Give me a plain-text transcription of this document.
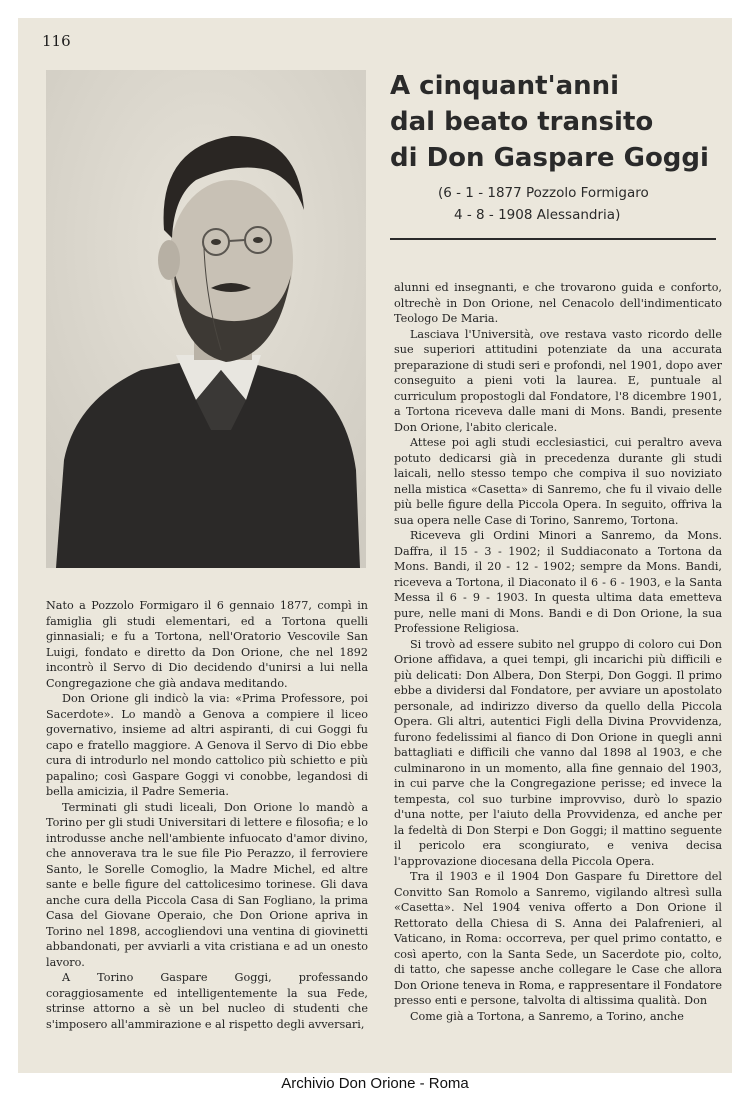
116
A cinquant'anni
dal beato transito
di Don Gaspare Goggi
(6 - 1 - 1877 Pozzolo Formigaro
4 - 8 - 1908 Alessandria)

Nato a Pozzolo Formigaro il 6 gennaio 1877, compì in famiglia gli studi elementari, ed a Tortona quelli ginnasiali; e fu a Tortona, nell'Oratorio Vescovile San Luigi, fondato e diretto da Don Orione, che nel 1892 incontrò il Servo di Dio decidendo d'unirsi a lui nella Congregazione che già andava meditando.

Don Orione gli indicò la via: «Prima Professore, poi Sacerdote». Lo mandò a Genova a compiere il liceo governativo, insieme ad altri aspiranti, di cui Goggi fu capo e fratello maggiore. A Genova il Servo di Dio ebbe cura di introdurlo nel mondo cattolico più schietto e più papalino; così Gaspare Goggi vi conobbe, legandosi di bella amicizia, il Padre Semeria.

Terminati gli studi liceali, Don Orione lo mandò a Torino per gli studi Universitari di lettere e filosofia; e lo introdusse anche nell'ambiente infuocato d'amor divino, che annoverava tra le sue file Pio Perazzo, il ferroviere Santo, le Sorelle Comoglio, la Madre Michel, ed altre sante e belle figure del cattolicesimo torinese. Gli dava anche cura della Piccola Casa di San Fogliano, la prima Casa del Giovane Operaio, che Don Orione apriva in Torino nel 1898, accogliendovi una ventina di giovinetti abbandonati, per avviarli a vita cristiana e ad un onesto lavoro.

A Torino Gaspare Goggi, professando coraggiosamente ed intelligentemente la sua Fede, strinse attorno a sè un bel nucleo di studenti che s'imposero all'ammirazione e al rispetto degli avversari,

alunni ed insegnanti, e che trovarono guida e conforto, oltrechè in Don Orione, nel Cenacolo dell'indimenticato Teologo De Maria.

Lasciava l'Università, ove restava vasto ricordo delle sue superiori attitudini potenziate da una accurata preparazione di studi seri e profondi, nel 1901, dopo aver conseguito a pieni voti la laurea. E, puntuale al curriculum propostogli dal Fondatore, l'8 dicembre 1901, a Tortona riceveva dalle mani di Mons. Bandi, presente Don Orione, l'abito clericale.

Attese poi agli studi ecclesiastici, cui peraltro aveva potuto dedicarsi già in precedenza durante gli studi laicali, nello stesso tempo che compiva il suo noviziato nella mistica «Casetta» di Sanremo, che fu il vivaio delle più belle figure della Piccola Opera. In seguito, offriva la sua opera nelle Case di Torino, Sanremo, Tortona.

Riceveva gli Ordini Minori a Sanremo, da Mons. Daffra, il 15 - 3 - 1902; il Suddiaconato a Tortona da Mons. Bandi, il 20 - 12 - 1902; sempre da Mons. Bandi, riceveva a Tortona, il Diaconato il 6 - 6 - 1903, e la Santa Messa il 6 - 9 - 1903. In questa ultima data emetteva pure, nelle mani di Mons. Bandi e di Don Orione, la sua Professione Religiosa.

Si trovò ad essere subito nel gruppo di coloro cui Don Orione affidava, a quei tempi, gli incarichi più difficili e più delicati: Don Albera, Don Sterpi, Don Goggi. Il primo ebbe a dividersi dal Fondatore, per avviare un apostolato personale, ad indirizzo diverso da quello della Piccola Opera. Gli altri, autentici Figli della Divina Provvidenza, furono fedelissimi al fianco di Don Orione in quegli anni battagliati e difficili che vanno dal 1898 al 1903, e che culminarono in un momento, alla fine gennaio del 1903, in cui parve che la Congregazione perisse; ed invece la tempesta, col suo turbine improvviso, durò lo spazio d'una notte, per l'aiuto della Provvidenza, ed anche per la fedeltà di Don Sterpi e Don Goggi; il mattino seguente il pericolo era scongiurato, e veniva decisa l'approvazione diocesana della Piccola Opera.

Tra il 1903 e il 1904 Don Gaspare fu Direttore del Convitto San Romolo a Sanremo, vigilando altresì sulla «Casetta». Nel 1904 veniva offerto a Don Orione il Rettorato della Chiesa di S. Anna dei Palafrenieri, al Vaticano, in Roma: occorreva, per quel primo contatto, e così aperto, con la Santa Sede, un Sacerdote pio, colto, di tatto, che sapesse anche collegare le Case che allora Don Orione teneva in Roma, e rappresentare il Fondatore presso enti e persone, talvolta di altissima qualità. Don

Come già a Tortona, a Sanremo, a Torino, anche

Archivio Don Orione - Roma
